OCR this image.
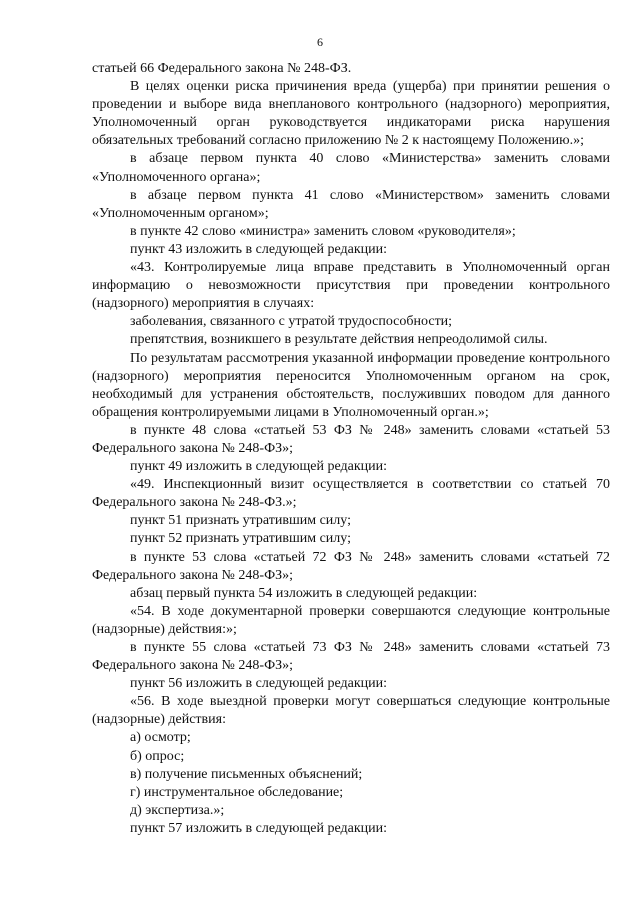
6

статьей 66 Федерального закона № 248-ФЗ.

В целях оценки риска причинения вреда (ущерба) при принятии решения о проведении и выборе вида внепланового контрольного (надзорного) мероприятия, Уполномоченный орган руководствуется индикаторами риска нарушения обязательных требований согласно приложению № 2 к настоящему Положению.»;

в абзаце первом пункта 40 слово «Министерства» заменить словами «Уполномоченного органа»;

в абзаце первом пункта 41 слово «Министерством» заменить словами «Уполномоченным органом»;

в пункте 42 слово «министра» заменить словом «руководителя»;

пункт 43 изложить в следующей редакции:

«43. Контролируемые лица вправе представить в Уполномоченный орган информацию о невозможности присутствия при проведении контрольного (надзорного) мероприятия в случаях:

заболевания, связанного с утратой трудоспособности;

препятствия, возникшего в результате действия непреодолимой силы.

По результатам рассмотрения указанной информации проведение контрольного (надзорного) мероприятия переносится Уполномоченным органом на срок, необходимый для устранения обстоятельств, послуживших поводом для данного обращения контролируемыми лицами в Уполномоченный орган.»;

в пункте 48 слова «статьей 53 ФЗ № 248» заменить словами «статьей 53 Федерального закона № 248-ФЗ»;

пункт 49 изложить в следующей редакции:

«49. Инспекционный визит осуществляется в соответствии со статьей 70 Федерального закона № 248-ФЗ.»;

пункт 51 признать утратившим силу;

пункт 52 признать утратившим силу;

в пункте 53 слова «статьей 72 ФЗ № 248» заменить словами «статьей 72 Федерального закона № 248-ФЗ»;

абзац первый пункта 54 изложить в следующей редакции:

«54. В ходе документарной проверки совершаются следующие контрольные (надзорные) действия:»;

в пункте 55 слова «статьей 73 ФЗ № 248» заменить словами «статьей 73 Федерального закона № 248-ФЗ»;

пункт 56 изложить в следующей редакции:

«56. В ходе выездной проверки могут совершаться следующие контрольные (надзорные) действия:

а) осмотр;

б) опрос;

в) получение письменных объяснений;

г) инструментальное обследование;

д) экспертиза.»;

пункт 57 изложить в следующей редакции:
